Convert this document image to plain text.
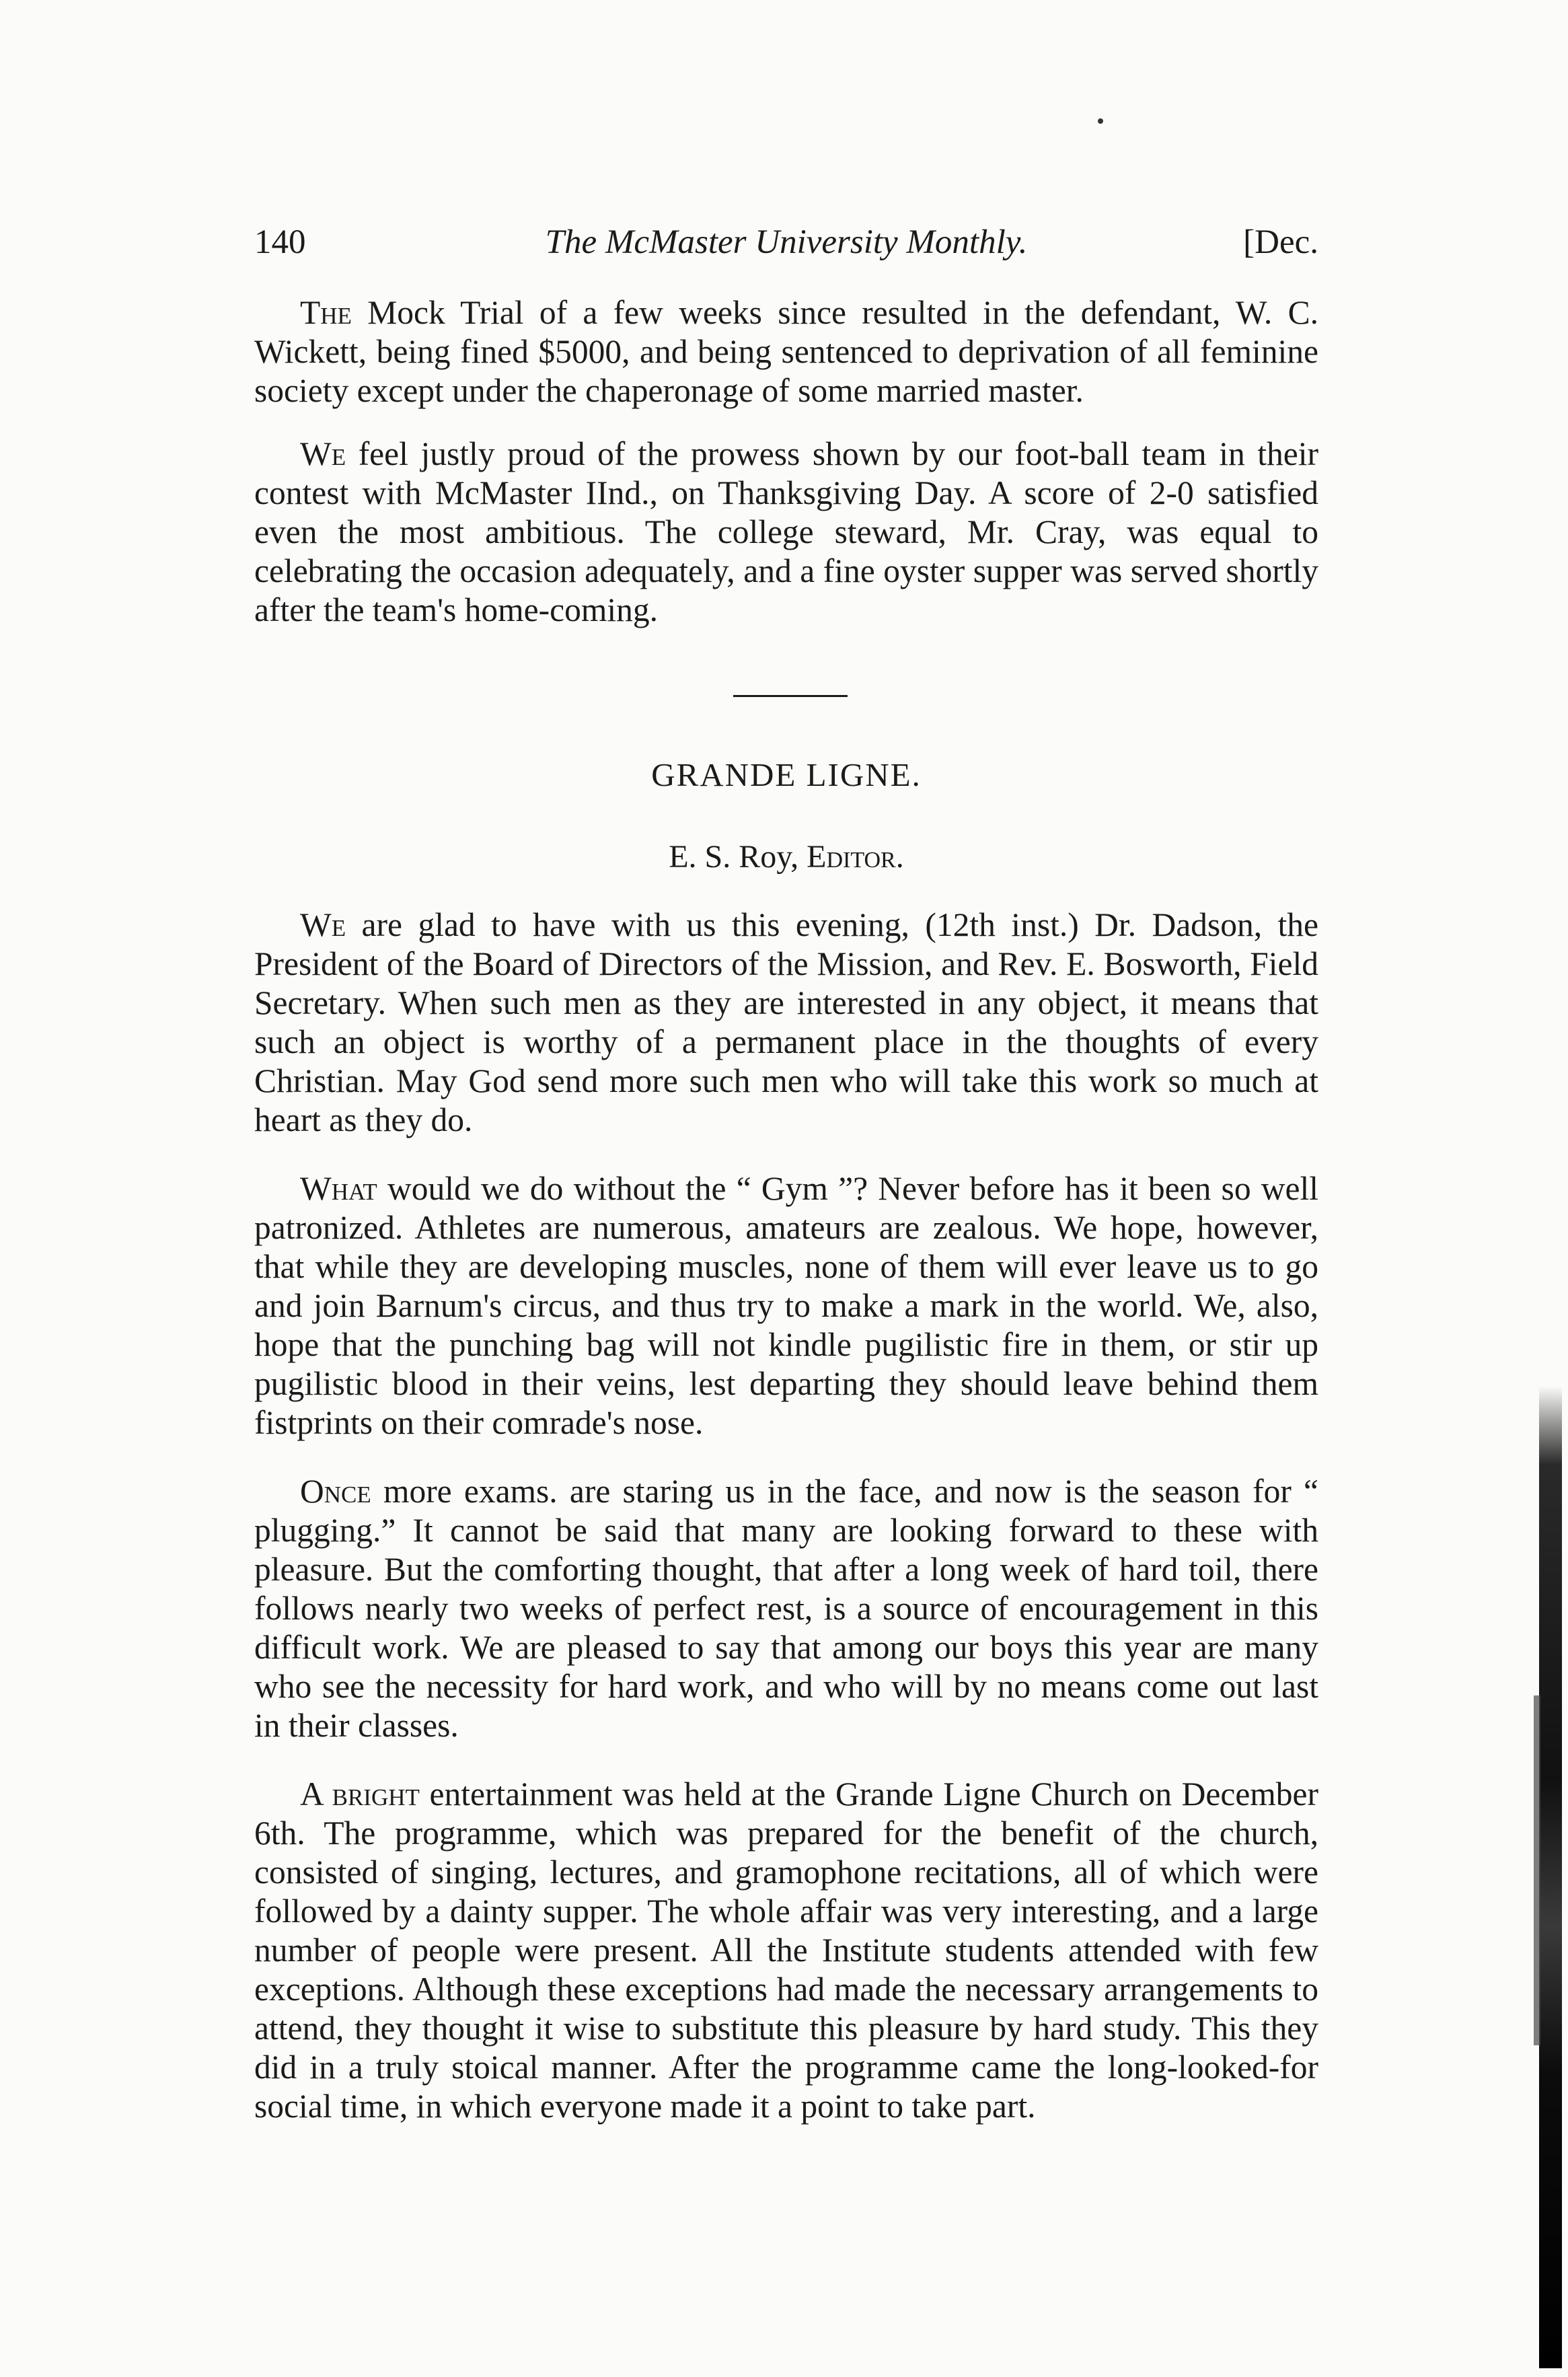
140	The McMaster University Monthly.	[Dec.

The Mock Trial of a few weeks since resulted in the defendant, W. C. Wickett, being fined $5000, and being sentenced to deprivation of all feminine society except under the chaperonage of some married master.

We feel justly proud of the prowess shown by our foot-ball team in their contest with McMaster IInd., on Thanksgiving Day. A score of 2-0 satisfied even the most ambitious. The college steward, Mr. Cray, was equal to celebrating the occasion adequately, and a fine oyster supper was served shortly after the team's home-coming.

GRANDE LIGNE.
E. S. Roy, Editor.

We are glad to have with us this evening, (12th inst.) Dr. Dadson, the President of the Board of Directors of the Mission, and Rev. E. Bosworth, Field Secretary. When such men as they are interested in any object, it means that such an object is worthy of a permanent place in the thoughts of every Christian. May God send more such men who will take this work so much at heart as they do.

What would we do without the “ Gym ”? Never before has it been so well patronized. Athletes are numerous, amateurs are zealous. We hope, however, that while they are developing muscles, none of them will ever leave us to go and join Barnum's circus, and thus try to make a mark in the world. We, also, hope that the punching bag will not kindle pugilistic fire in them, or stir up pugilistic blood in their veins, lest departing they should leave behind them fistprints on their comrade's nose.

Once more exams. are staring us in the face, and now is the season for “ plugging.” It cannot be said that many are looking forward to these with pleasure. But the comforting thought, that after a long week of hard toil, there follows nearly two weeks of perfect rest, is a source of encouragement in this difficult work. We are pleased to say that among our boys this year are many who see the necessity for hard work, and who will by no means come out last in their classes.

A bright entertainment was held at the Grande Ligne Church on December 6th. The programme, which was prepared for the benefit of the church, consisted of singing, lectures, and gramophone recitations, all of which were followed by a dainty supper. The whole affair was very interesting, and a large number of people were present. All the Institute students attended with few exceptions. Although these exceptions had made the necessary arrangements to attend, they thought it wise to substitute this pleasure by hard study. This they did in a truly stoical manner. After the programme came the long-looked-for social time, in which everyone made it a point to take part.
